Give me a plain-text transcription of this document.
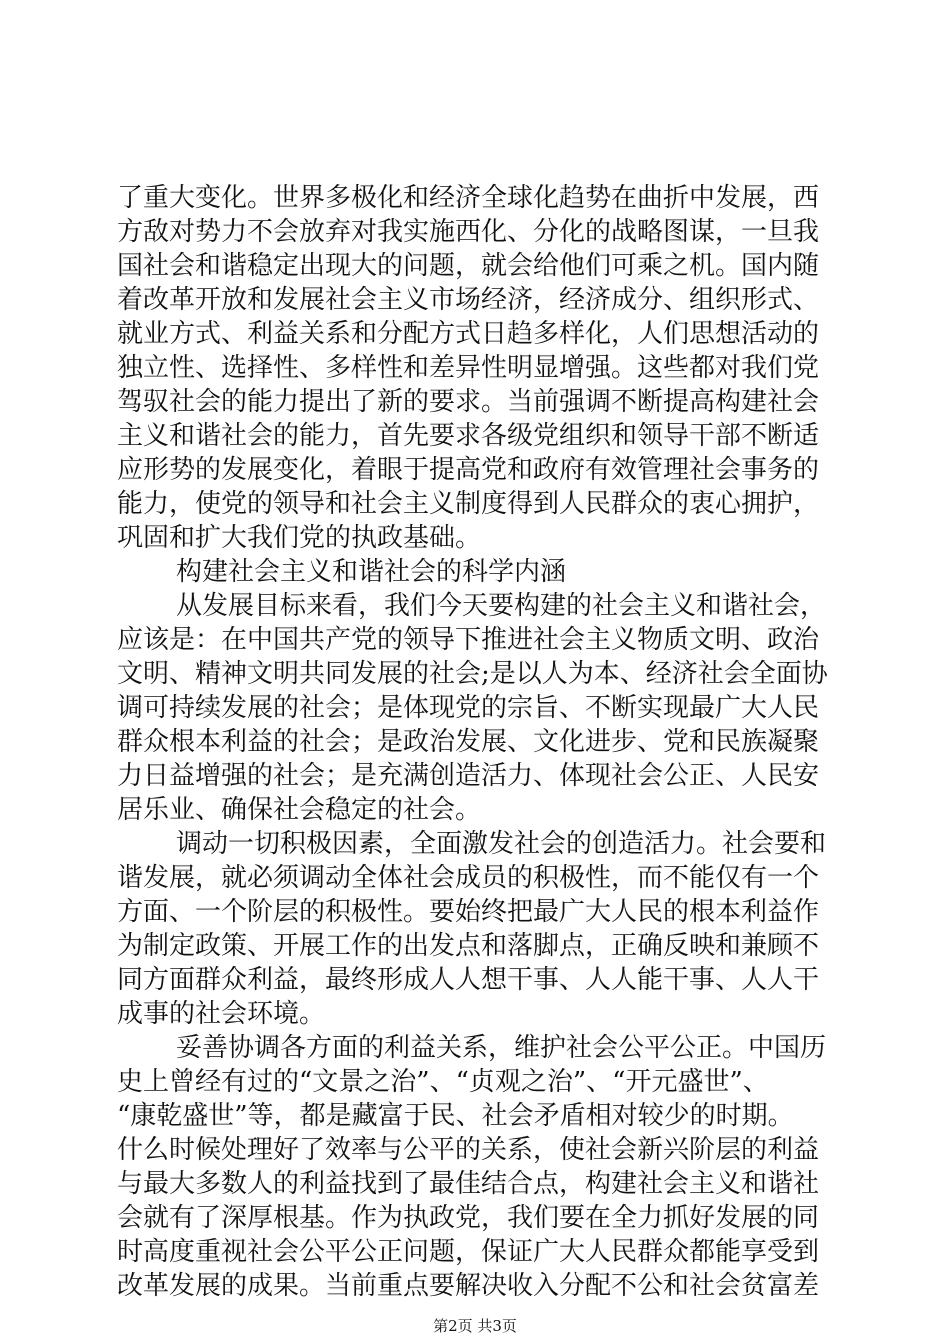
了重大变化。世界多极化和经济全球化趋势在曲折中发展，西
方敌对势力不会放弃对我实施西化、分化的战略图谋，一旦我
国社会和谐稳定出现大的问题，就会给他们可乘之机。国内随
着改革开放和发展社会主义市场经济，经济成分、组织形式、
就业方式、利益关系和分配方式日趋多样化，人们思想活动的
独立性、选择性、多样性和差异性明显增强。这些都对我们党
驾驭社会的能力提出了新的要求。当前强调不断提高构建社会
主义和谐社会的能力，首先要求各级党组织和领导干部不断适
应形势的发展变化，着眼于提高党和政府有效管理社会事务的
能力，使党的领导和社会主义制度得到人民群众的衷心拥护，
巩固和扩大我们党的执政基础。
构建社会主义和谐社会的科学内涵
从发展目标来看，我们今天要构建的社会主义和谐社会，
应该是：在中国共产党的领导下推进社会主义物质文明、政治
文明、精神文明共同发展的社会;是以人为本、经济社会全面协
调可持续发展的社会；是体现党的宗旨、不断实现最广大人民
群众根本利益的社会；是政治发展、文化进步、党和民族凝聚
力日益增强的社会；是充满创造活力、体现社会公正、人民安
居乐业、确保社会稳定的社会。
调动一切积极因素，全面激发社会的创造活力。社会要和
谐发展，就必须调动全体社会成员的积极性，而不能仅有一个
方面、一个阶层的积极性。要始终把最广大人民的根本利益作
为制定政策、开展工作的出发点和落脚点，正确反映和兼顾不
同方面群众利益，最终形成人人想干事、人人能干事、人人干
成事的社会环境。
妥善协调各方面的利益关系，维护社会公平公正。中国历
史上曾经有过的“文景之治”、“贞观之治”、“开元盛世”、
“康乾盛世”等，都是藏富于民、社会矛盾相对较少的时期。
什么时候处理好了效率与公平的关系，使社会新兴阶层的利益
与最大多数人的利益找到了最佳结合点，构建社会主义和谐社
会就有了深厚根基。作为执政党，我们要在全力抓好发展的同
时高度重视社会公平公正问题，保证广大人民群众都能享受到
改革发展的成果。当前重点要解决收入分配不公和社会贫富差
第2页 共3页
